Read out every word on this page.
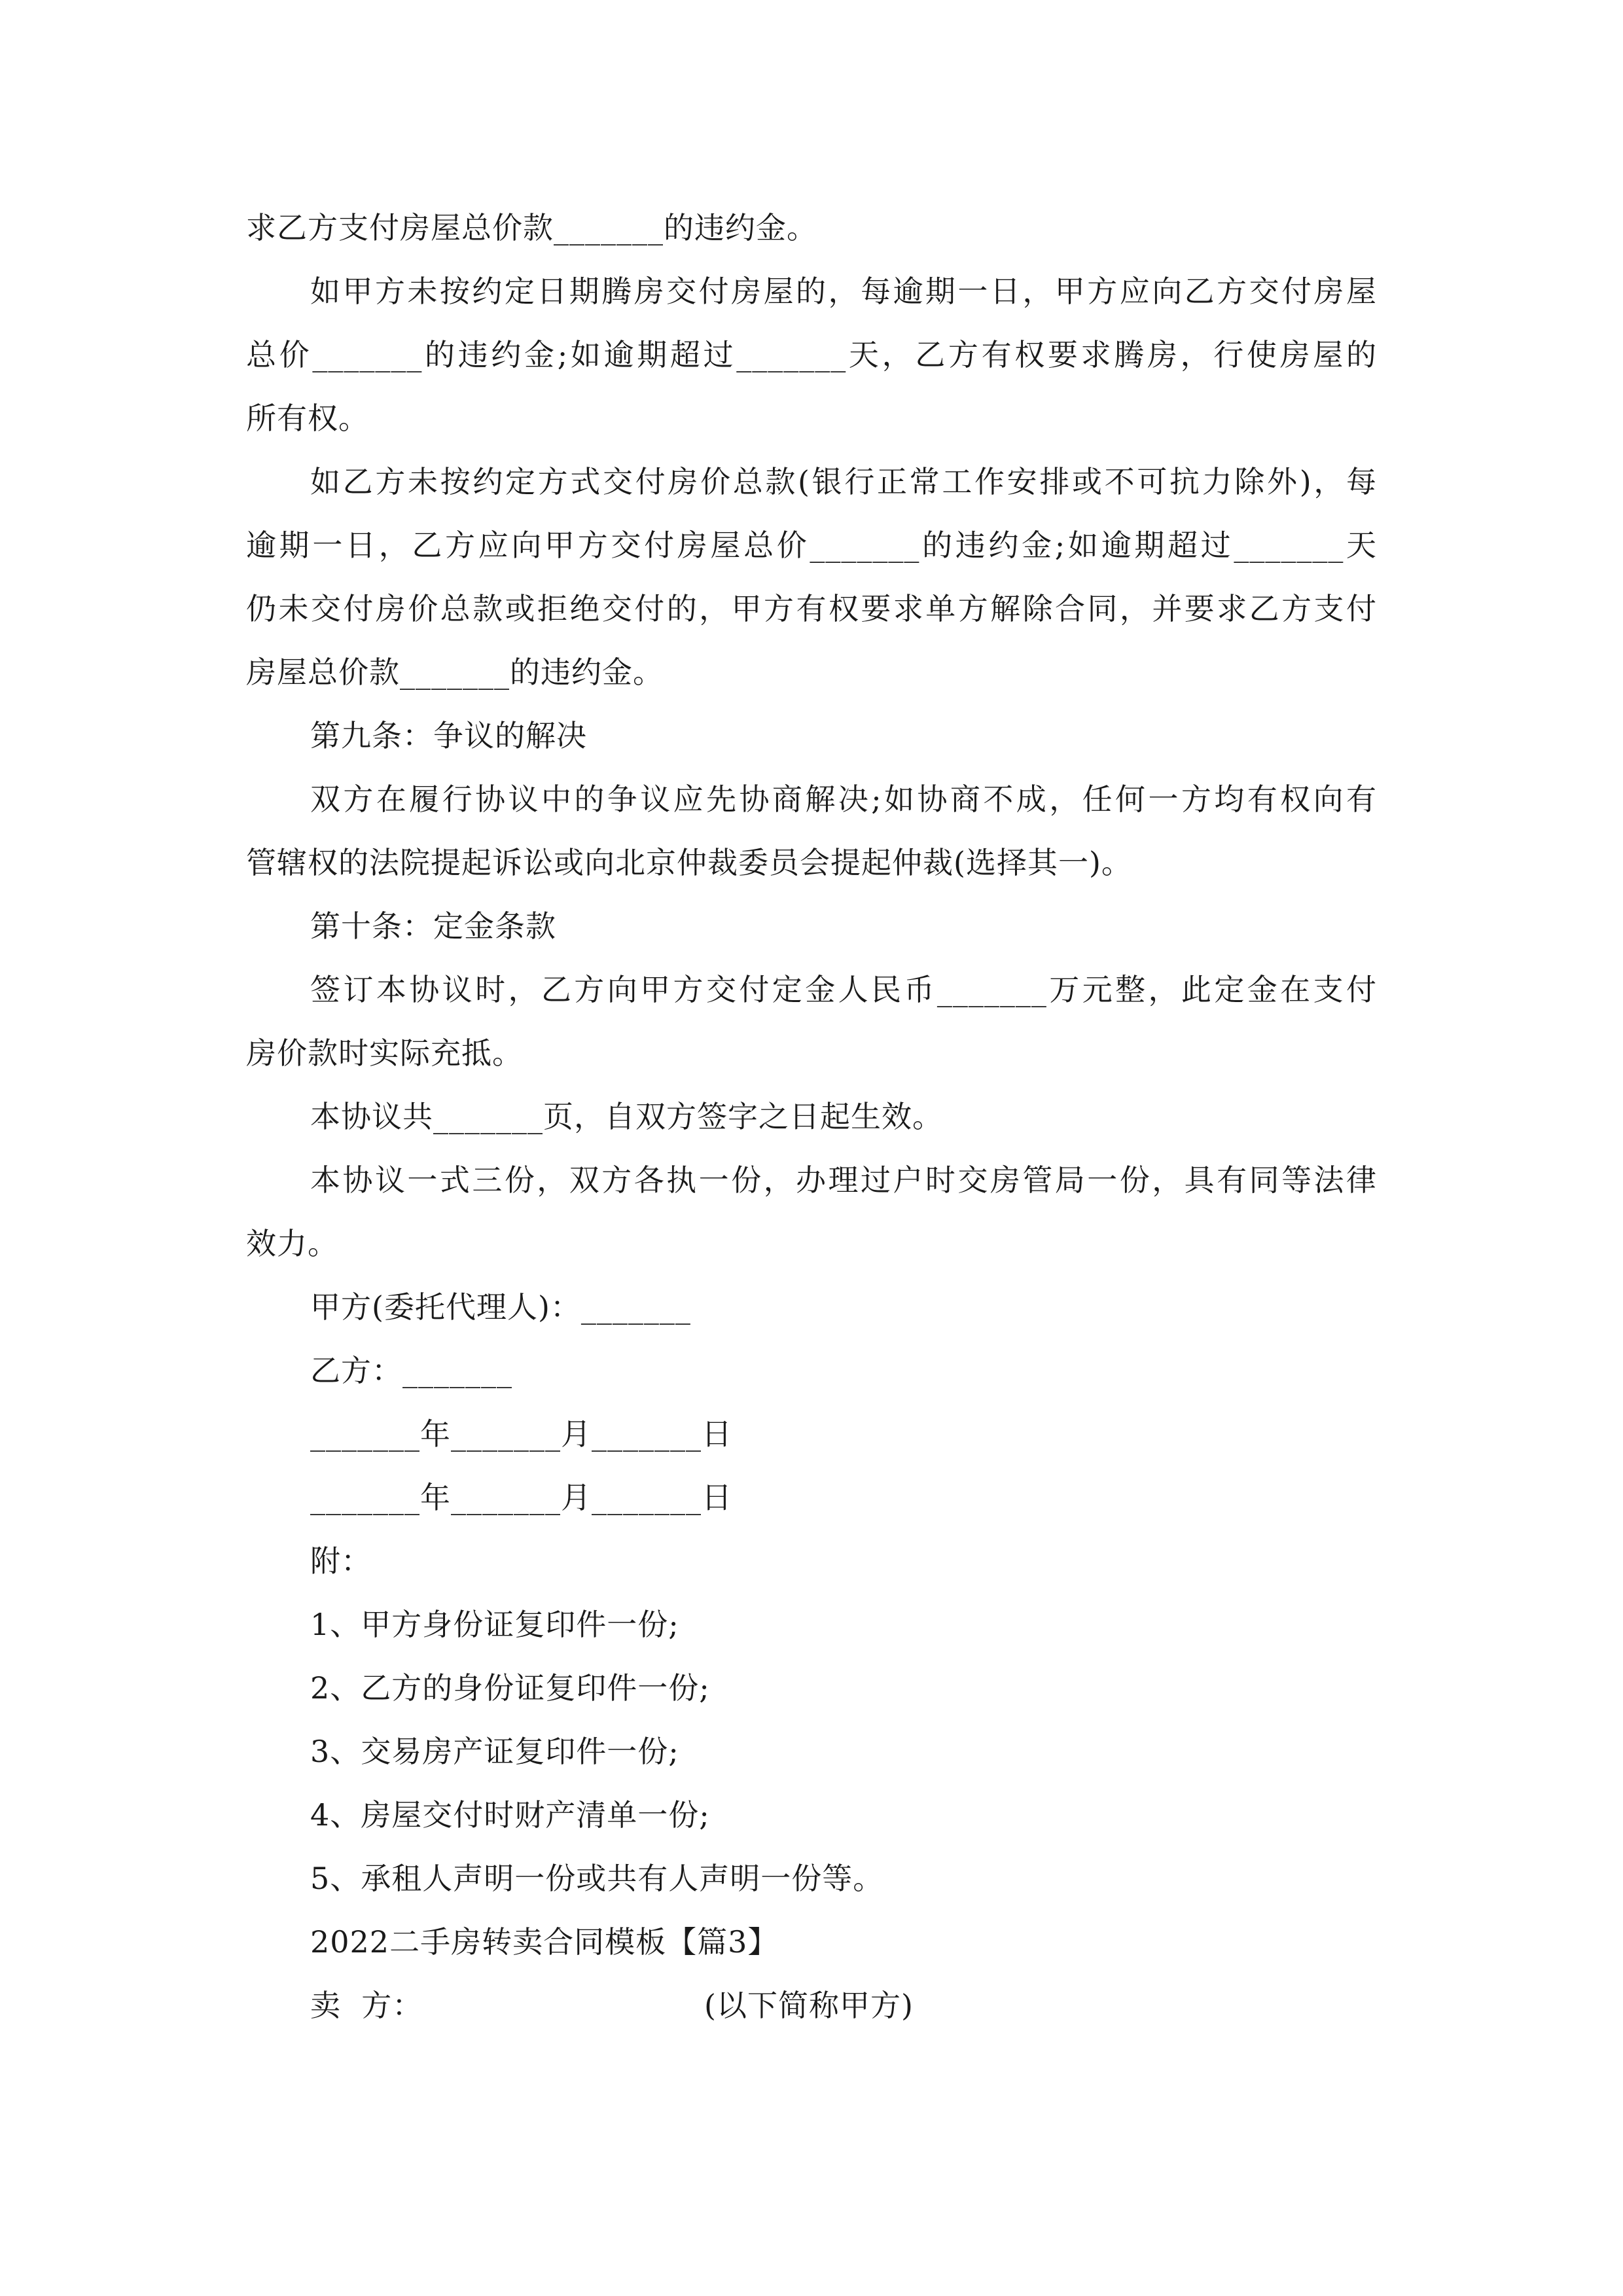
求乙方支付房屋总价款_______的违约金。
如甲方未按约定日期腾房交付房屋的，每逾期一日，甲方应向乙方交付房屋
总价_______的违约金;如逾期超过_______天，乙方有权要求腾房，行使房屋的
所有权。
如乙方未按约定方式交付房价总款(银行正常工作安排或不可抗力除外)，每
逾期一日，乙方应向甲方交付房屋总价_______的违约金;如逾期超过_______天
仍未交付房价总款或拒绝交付的，甲方有权要求单方解除合同，并要求乙方支付
房屋总价款_______的违约金。
第九条：争议的解决
双方在履行协议中的争议应先协商解决;如协商不成，任何一方均有权向有
管辖权的法院提起诉讼或向北京仲裁委员会提起仲裁(选择其一)。
第十条：定金条款
签订本协议时，乙方向甲方交付定金人民币_______万元整，此定金在支付
房价款时实际充抵。
本协议共_______页，自双方签字之日起生效。
本协议一式三份，双方各执一份，办理过户时交房管局一份，具有同等法律
效力。
甲方(委托代理人)：_______
乙方：_______
_______年_______月_______日
_______年_______月_______日
附：
1、甲方身份证复印件一份;
2、乙方的身份证复印件一份;
3、交易房产证复印件一份;
4、房屋交付时财产清单一份;
5、承租人声明一份或共有人声明一份等。
2022二手房转卖合同模板【篇3】
卖  方：	(以下简称甲方)
